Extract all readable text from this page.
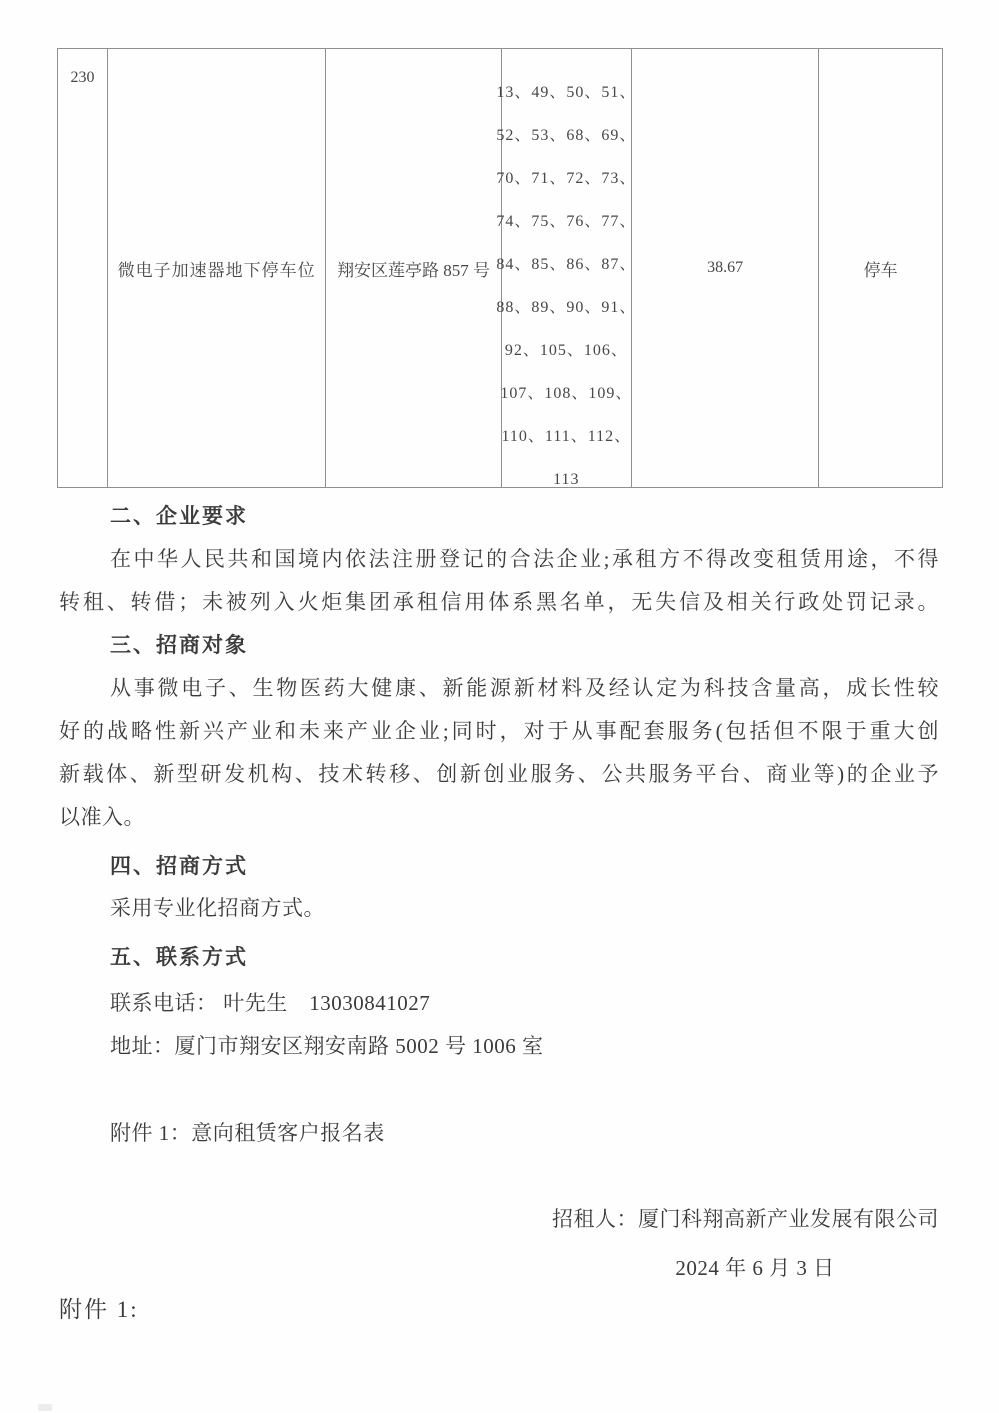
230
微电子加速器地下停车位 翔安区莲亭路 857 号
13、49、50、51、
52、53、68、69、
70、71、72、73、
74、75、76、77、
84、85、86、87、
88、89、90、91、
92、105、106、
107、108、109、
110、111、112、
113
38.67	停车
二、企业要求
在中华人民共和国境内依法注册登记的合法企业;承租方不得改变租赁用途，不得
转租、转借；未被列入火炬集团承租信用体系黑名单，无失信及相关行政处罚记录。
三、招商对象
从事微电子、生物医药大健康、新能源新材料及经认定为科技含量高，成长性较
好的战略性新兴产业和未来产业企业;同时，对于从事配套服务(包括但不限于重大创
新载体、新型研发机构、技术转移、创新创业服务、公共服务平台、商业等)的企业予
以准入。
四、招商方式
采用专业化招商方式。
五、联系方式
联系电话： 叶先生　13030841027
地址：厦门市翔安区翔安南路 5002 号 1006 室
附件 1：意向租赁客户报名表
招租人：厦门科翔高新产业发展有限公司
2024 年 6 月 3 日
附件 1:
